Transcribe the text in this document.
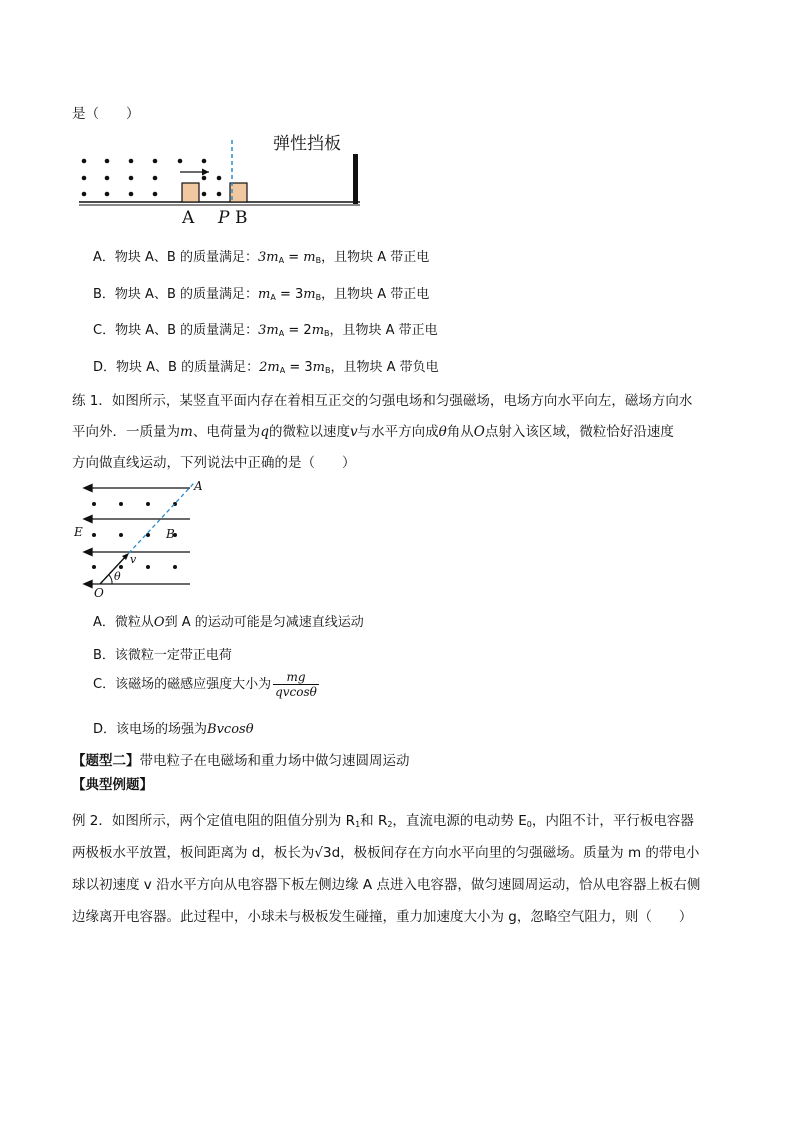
是（　　）
弹性挡板
A P B
A．物块 A、B 的质量满足：$3m_A = m_B$，且物块 A 带正电
B．物块 A、B 的质量满足：$m_A = 3m_B$，且物块 A 带正电
C．物块 A、B 的质量满足：$3m_A = 2m_B$，且物块 A 带正电
D．物块 A、B 的质量满足：$2m_A = 3m_B$，且物块 A 带负电
练 1．如图所示，某竖直平面内存在着相互正交的匀强电场和匀强磁场，电场方向水平向左，磁场方向水
平向外．一质量为m、电荷量为q的微粒以速度v与水平方向成θ角从O点射入该区域，微粒恰好沿速度
方向做直线运动，下列说法中正确的是（　　）
A
B
E
v
θ
O
A．微粒从O到 A 的运动可能是匀减速直线运动
B．该微粒一定带正电荷
C．该磁场的磁感应强度大小为 $\frac{mg}{qvcos\theta}$
D．该电场的场强为Bvcosθ
【题型二】带电粒子在电磁场和重力场中做匀速圆周运动
【典型例题】
例 2．如图所示，两个定值电阻的阻值分别为 $R_1$和 $R_2$，直流电源的电动势 $E_0$，内阻不计，平行板电容器
两极板水平放置，板间距离为 d，板长为√3d，极板间存在方向水平向里的匀强磁场。质量为 m 的带电小
球以初速度 v 沿水平方向从电容器下板左侧边缘 A 点进入电容器，做匀速圆周运动，恰从电容器上板右侧
边缘离开电容器。此过程中，小球未与极板发生碰撞，重力加速度大小为 g，忽略空气阻力，则（　　）
